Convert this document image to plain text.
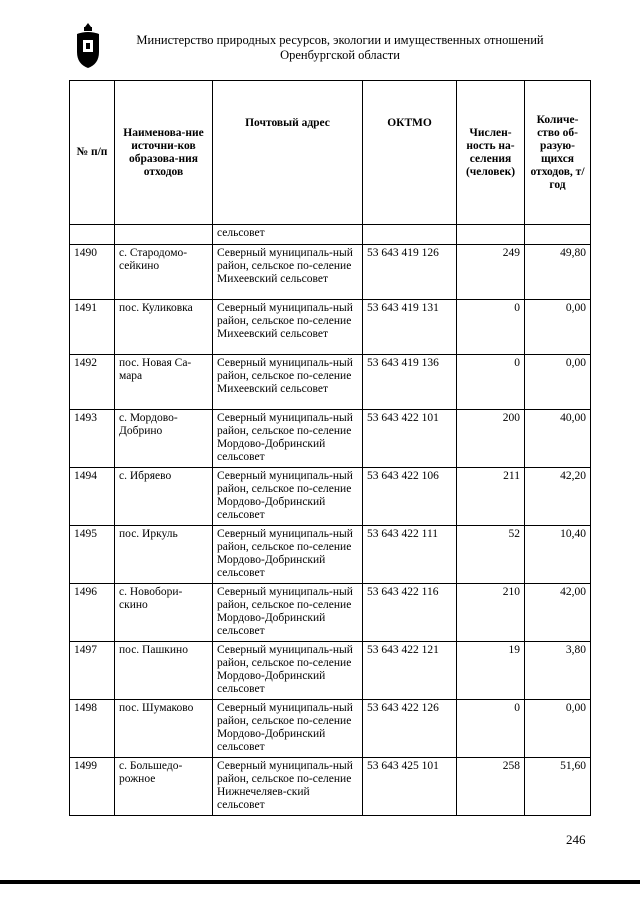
Министерство природных ресурсов, экологии и имущественных отношений
Оренбургской области
№ п/п	Наименова-ние источни-ков образова-ния отходов	Почтовый адрес	ОКТМО	Числен-ность на-селения (человек)	Количе-ство об-разую-щихся отходов, т/год
		сельсовет			
1490	с. Стародомо-сейкино	Северный муниципаль-ный район, сельское по-селение Михеевский сельсовет	53 643 419 126	249	49,80
1491	пос. Куликовка	Северный муниципаль-ный район, сельское по-селение Михеевский сельсовет	53 643 419 131	0	0,00
1492	пос. Новая Са-мара	Северный муниципаль-ный район, сельское по-селение Михеевский сельсовет	53 643 419 136	0	0,00
1493	с. Мордово-Добрино	Северный муниципаль-ный район, сельское по-селение Мордово-Добринский сельсовет	53 643 422 101	200	40,00
1494	с. Ибряево	Северный муниципаль-ный район, сельское по-селение Мордово-Добринский сельсовет	53 643 422 106	211	42,20
1495	пос. Иркуль	Северный муниципаль-ный район, сельское по-селение Мордово-Добринский сельсовет	53 643 422 111	52	10,40
1496	с. Новобори-скино	Северный муниципаль-ный район, сельское по-селение Мордово-Добринский сельсовет	53 643 422 116	210	42,00
1497	пос. Пашкино	Северный муниципаль-ный район, сельское по-селение Мордово-Добринский сельсовет	53 643 422 121	19	3,80
1498	пос. Шумаково	Северный муниципаль-ный район, сельское по-селение Мордово-Добринский сельсовет	53 643 422 126	0	0,00
1499	с. Большедо-рожное	Северный муниципаль-ный район, сельское по-селение Нижнечеляев-ский сельсовет	53 643 425 101	258	51,60
246
